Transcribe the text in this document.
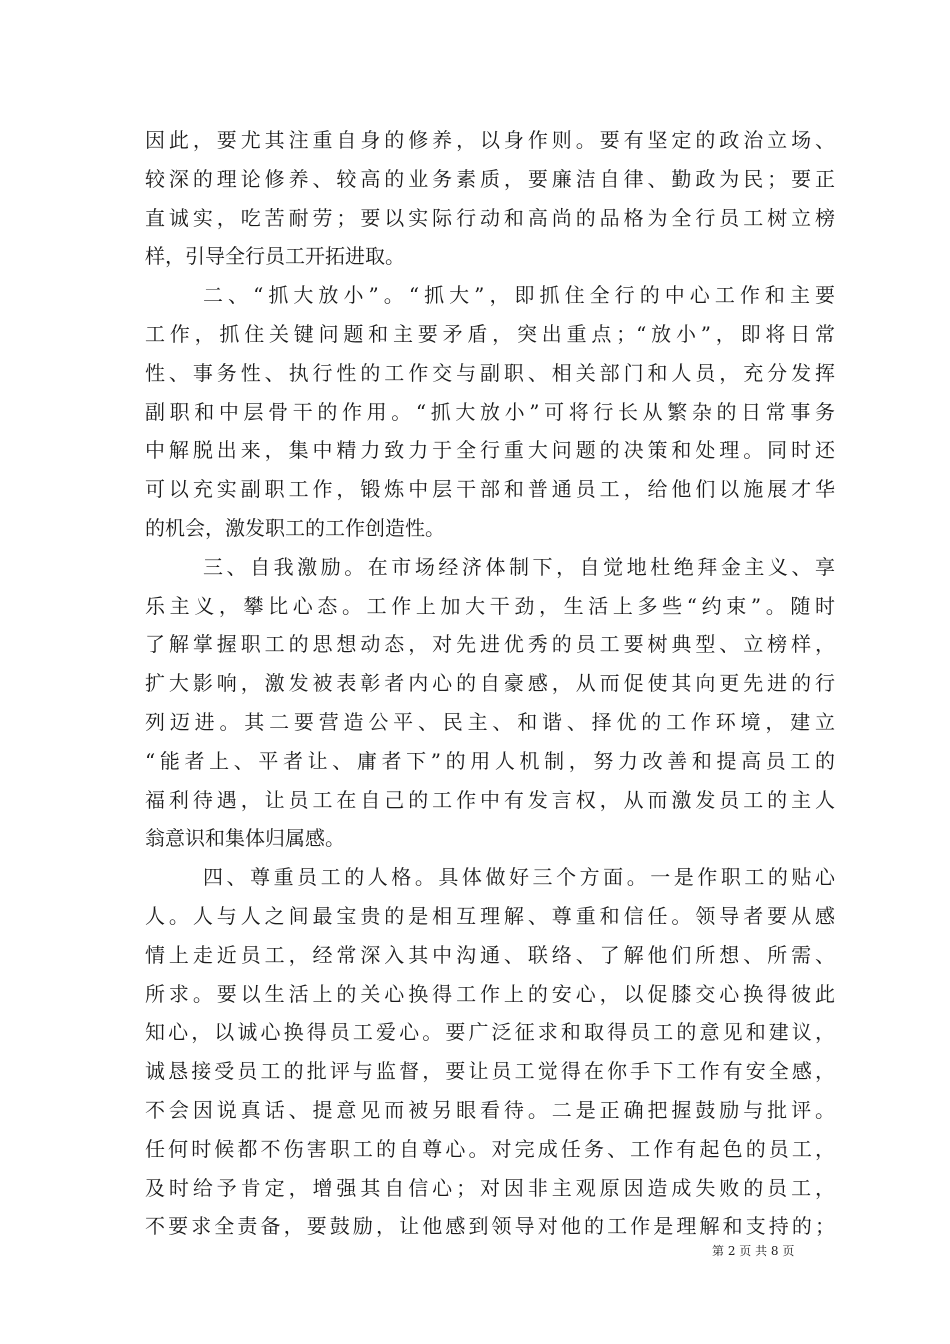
因此，要尤其注重自身的修养，以身作则。要有坚定的政治立场、
较深的理论修养、较高的业务素质，要廉洁自律、勤政为民；要正
直诚实，吃苦耐劳；要以实际行动和高尚的品格为全行员工树立榜
样，引导全行员工开拓进取。
二、“抓大放小”。“抓大”，即抓住全行的中心工作和主要
工作，抓住关键问题和主要矛盾，突出重点；“放小”，即将日常
性、事务性、执行性的工作交与副职、相关部门和人员，充分发挥
副职和中层骨干的作用。“抓大放小”可将行长从繁杂的日常事务
中解脱出来，集中精力致力于全行重大问题的决策和处理。同时还
可以充实副职工作，锻炼中层干部和普通员工，给他们以施展才华
的机会，激发职工的工作创造性。
三、自我激励。在市场经济体制下，自觉地杜绝拜金主义、享
乐主义，攀比心态。工作上加大干劲，生活上多些“约束”。随时
了解掌握职工的思想动态，对先进优秀的员工要树典型、立榜样，
扩大影响，激发被表彰者内心的自豪感，从而促使其向更先进的行
列迈进。其二要营造公平、民主、和谐、择优的工作环境，建立
“能者上、平者让、庸者下”的用人机制，努力改善和提高员工的
福利待遇，让员工在自己的工作中有发言权，从而激发员工的主人
翁意识和集体归属感。
四、尊重员工的人格。具体做好三个方面。一是作职工的贴心
人。人与人之间最宝贵的是相互理解、尊重和信任。领导者要从感
情上走近员工，经常深入其中沟通、联络、了解他们所想、所需、
所求。要以生活上的关心换得工作上的安心，以促膝交心换得彼此
知心，以诚心换得员工爱心。要广泛征求和取得员工的意见和建议，
诚恳接受员工的批评与监督，要让员工觉得在你手下工作有安全感，
不会因说真话、提意见而被另眼看待。二是正确把握鼓励与批评。
任何时候都不伤害职工的自尊心。对完成任务、工作有起色的员工，
及时给予肯定，增强其自信心；对因非主观原因造成失败的员工，
不要求全责备，要鼓励，让他感到领导对他的工作是理解和支持的；
第 2 页 共 8 页
